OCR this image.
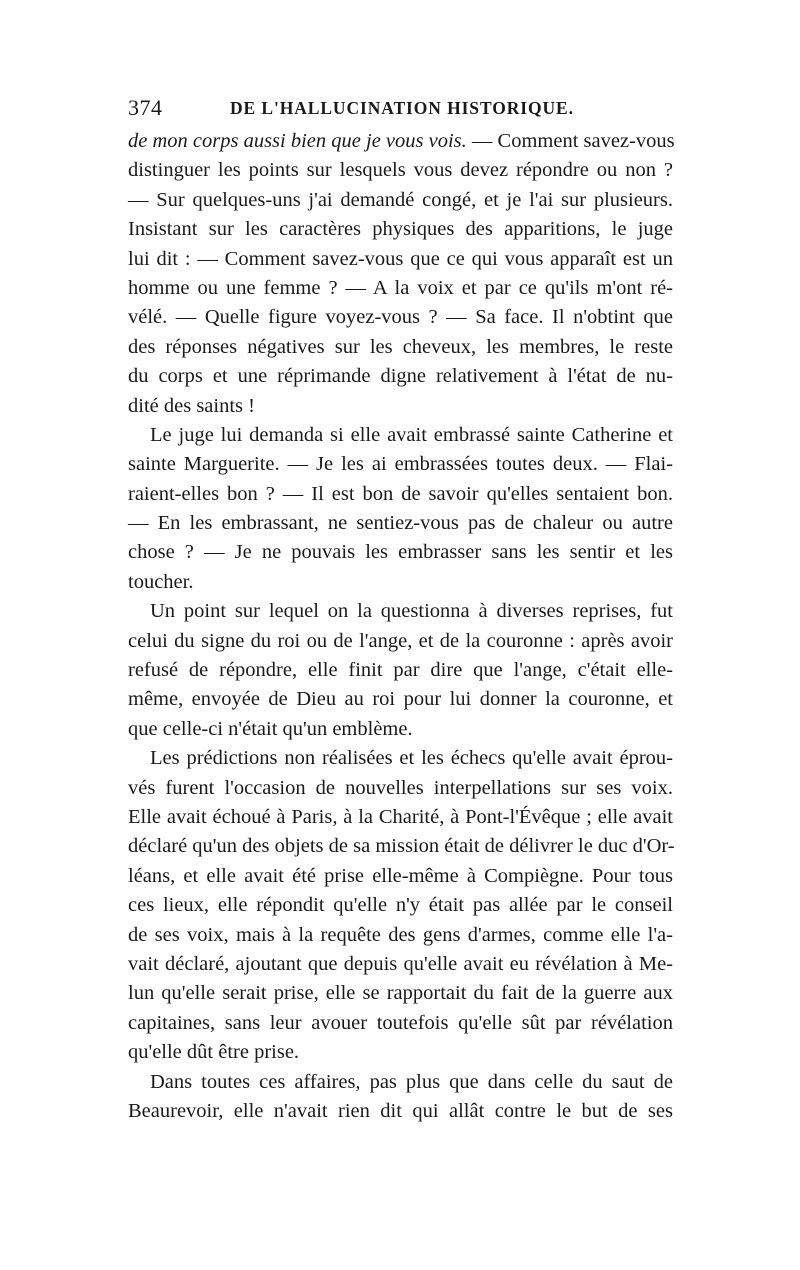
374	DE L'HALLUCINATION HISTORIQUE.
de mon corps aussi bien que je vous vois. — Comment savez-vous
distinguer les points sur lesquels vous devez répondre ou non ?
— Sur quelques-uns j'ai demandé congé, et je l'ai sur plusieurs.
Insistant sur les caractères physiques des apparitions, le juge
lui dit : — Comment savez-vous que ce qui vous apparaît est un
homme ou une femme ? — A la voix et par ce qu'ils m'ont ré-
vélé. — Quelle figure voyez-vous ? — Sa face. Il n'obtint que
des réponses négatives sur les cheveux, les membres, le reste
du corps et une réprimande digne relativement à l'état de nu-
dité des saints !
Le juge lui demanda si elle avait embrassé sainte Catherine et
sainte Marguerite. — Je les ai embrassées toutes deux. — Flai-
raient-elles bon ? — Il est bon de savoir qu'elles sentaient bon.
— En les embrassant, ne sentiez-vous pas de chaleur ou autre
chose ? — Je ne pouvais les embrasser sans les sentir et les
toucher.
Un point sur lequel on la questionna à diverses reprises, fut
celui du signe du roi ou de l'ange, et de la couronne : après avoir
refusé de répondre, elle finit par dire que l'ange, c'était elle-
même, envoyée de Dieu au roi pour lui donner la couronne, et
que celle-ci n'était qu'un emblème.
Les prédictions non réalisées et les échecs qu'elle avait éprou-
vés furent l'occasion de nouvelles interpellations sur ses voix.
Elle avait échoué à Paris, à la Charité, à Pont-l'Évêque ; elle avait
déclaré qu'un des objets de sa mission était de délivrer le duc d'Or-
léans, et elle avait été prise elle-même à Compiègne. Pour tous
ces lieux, elle répondit qu'elle n'y était pas allée par le conseil
de ses voix, mais à la requête des gens d'armes, comme elle l'a-
vait déclaré, ajoutant que depuis qu'elle avait eu révélation à Me-
lun qu'elle serait prise, elle se rapportait du fait de la guerre aux
capitaines, sans leur avouer toutefois qu'elle sût par révélation
qu'elle dût être prise.
Dans toutes ces affaires, pas plus que dans celle du saut de
Beaurevoir, elle n'avait rien dit qui allât contre le but de ses
